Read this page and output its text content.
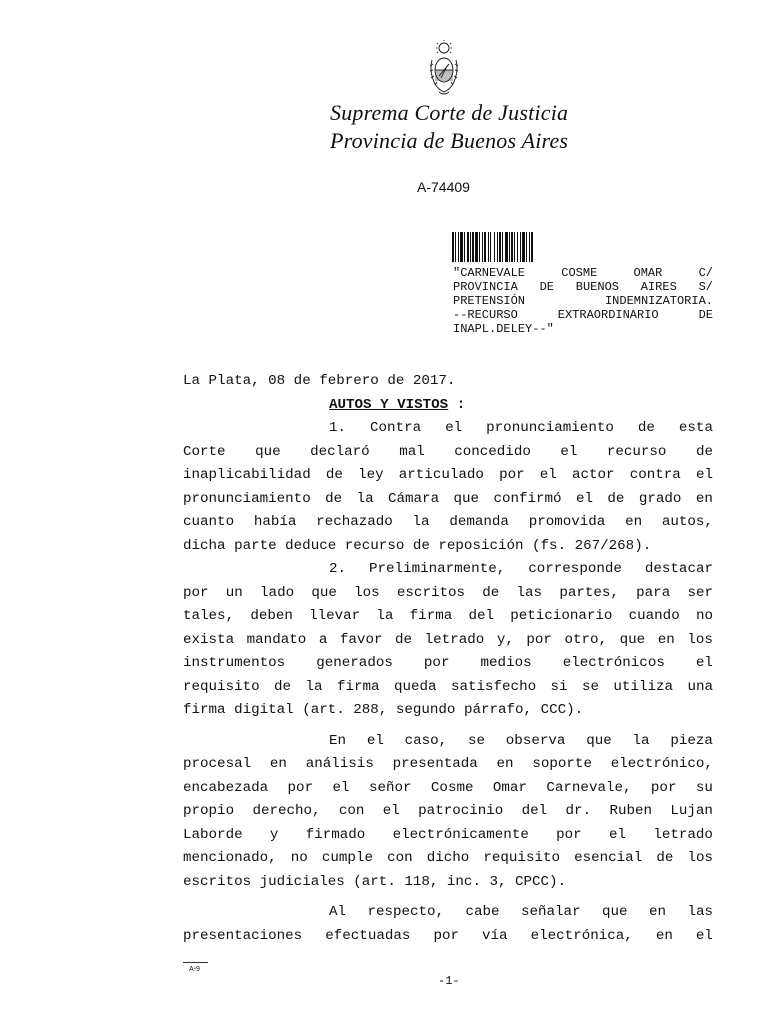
Suprema Corte de Justicia
Provincia de Buenos Aires
A-74409
"CARNEVALE	COSME	OMAR	C/
PROVINCIA DE BUENOS AIRES S/
PRETENSIÓN	INDEMNIZATORIA.
--RECURSO	EXTRAORDINARIO	DE
INAPL. DE LEY--"
La Plata, 08 de febrero de 2017.
AUTOS Y VISTOS :
1. Contra el pronunciamiento de esta
Corte que declaró mal concedido el recurso de
inaplicabilidad de ley articulado por el actor contra el
pronunciamiento de la Cámara que confirmó el de grado en
cuanto había rechazado la demanda promovida en autos,
dicha parte deduce recurso de reposición (fs. 267/268).
2. Preliminarmente, corresponde destacar
por un lado que los escritos de las partes, para ser
tales, deben llevar la firma del peticionario cuando no
exista mandato a favor de letrado y, por otro, que en los
instrumentos generados por medios electrónicos el
requisito de la firma queda satisfecho si se utiliza una
firma digital (art. 288, segundo párrafo, CCC).
En el caso, se observa que la pieza
procesal en análisis presentada en soporte electrónico,
encabezada por el señor Cosme Omar Carnevale, por su
propio derecho, con el patrocinio del dr. Ruben Lujan
Laborde y firmado electrónicamente por el letrado
mencionado, no cumple con dicho requisito esencial de los
escritos judiciales (art. 118, inc. 3, CPCC).
Al respecto, cabe señalar que en las
presentaciones efectuadas por vía electrónica, en el
A-9
-1-
